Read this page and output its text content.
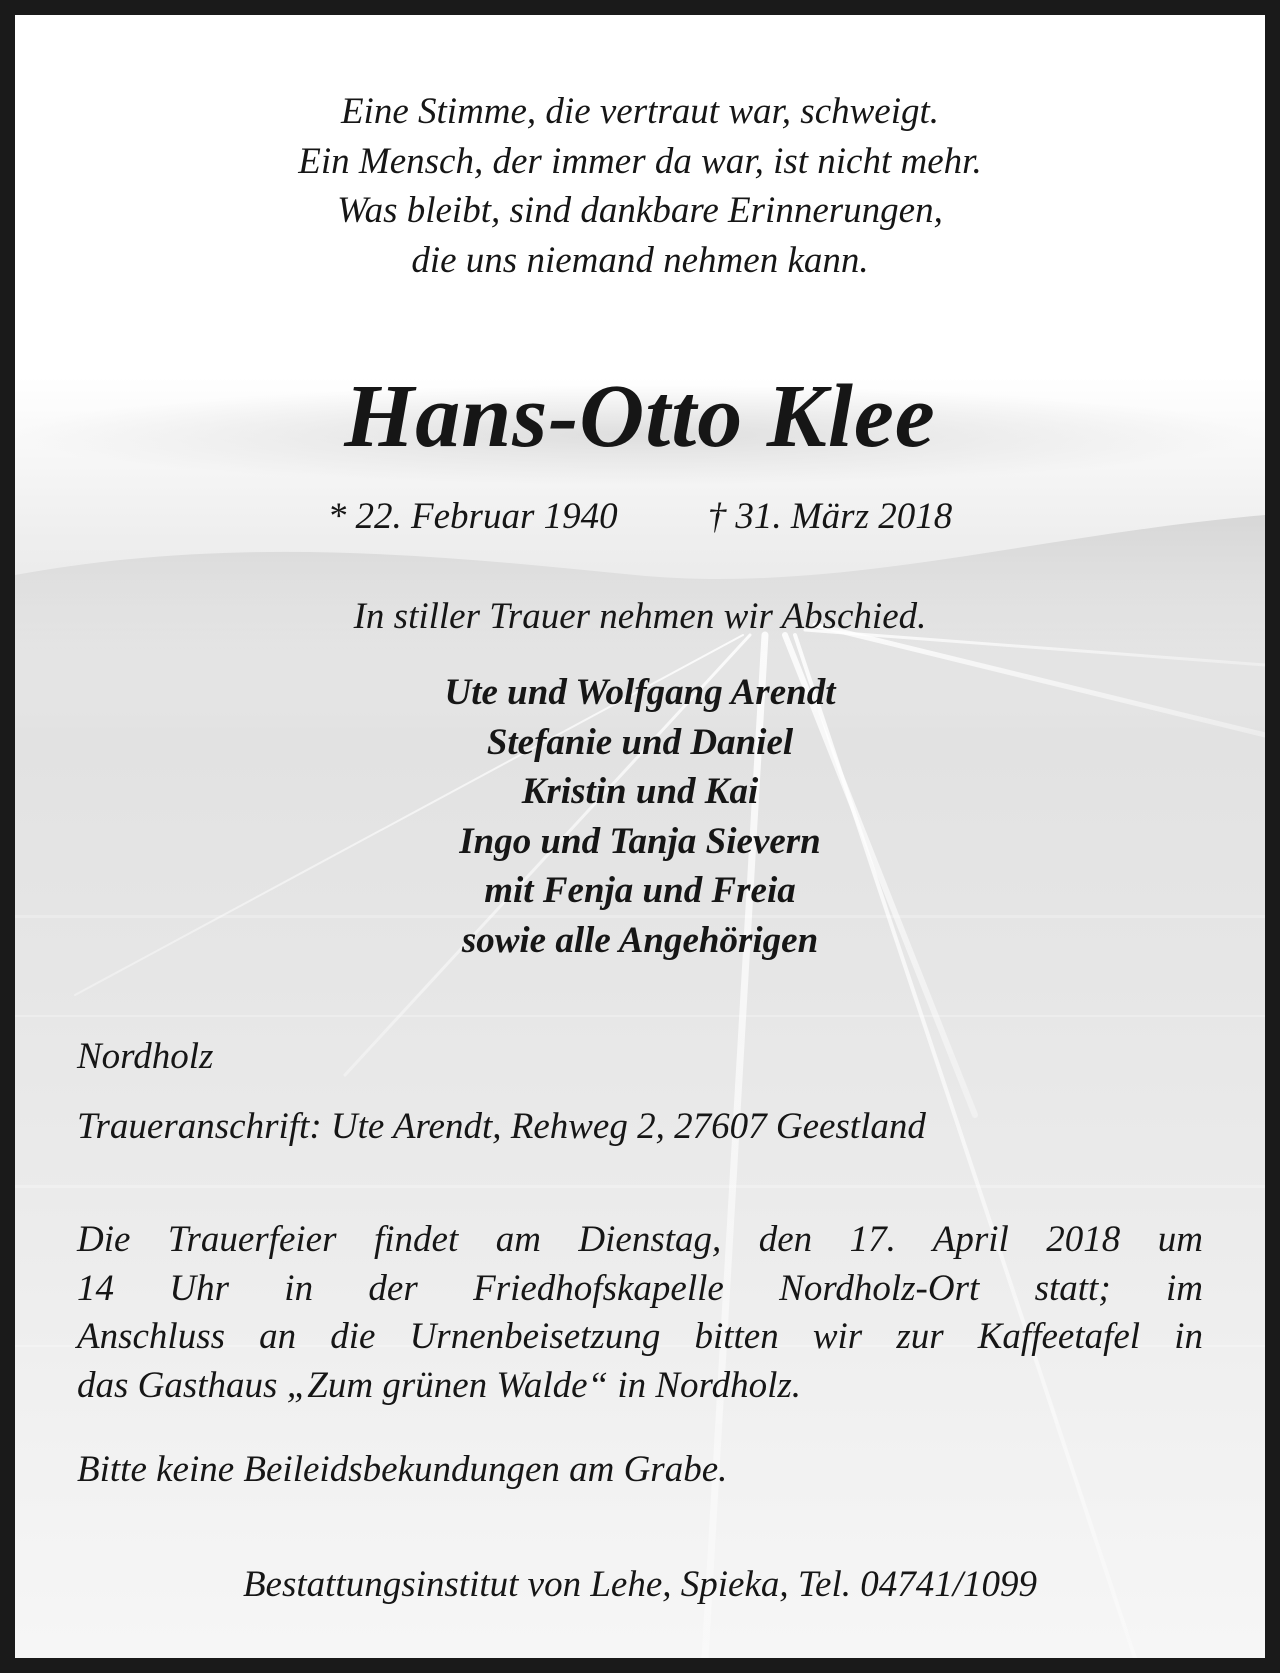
Eine Stimme, die vertraut war, schweigt.
Ein Mensch, der immer da war, ist nicht mehr.
Was bleibt, sind dankbare Erinnerungen,
die uns niemand nehmen kann.
Hans-Otto Klee
* 22. Februar 1940 † 31. März 2018
In stiller Trauer nehmen wir Abschied.
Ute und Wolfgang Arendt
Stefanie und Daniel
Kristin und Kai
Ingo und Tanja Sievern
mit Fenja und Freia
sowie alle Angehörigen
Nordholz
Traueranschrift: Ute Arendt, Rehweg 2, 27607 Geestland
Die Trauerfeier findet am Dienstag, den 17. April 2018 um
14 Uhr in der Friedhofskapelle Nordholz-Ort statt; im
Anschluss an die Urnenbeisetzung bitten wir zur Kaffeetafel in
das Gasthaus „Zum grünen Walde“ in Nordholz.
Bitte keine Beileidsbekundungen am Grabe.
Bestattungsinstitut von Lehe, Spieka, Tel. 04741/1099
